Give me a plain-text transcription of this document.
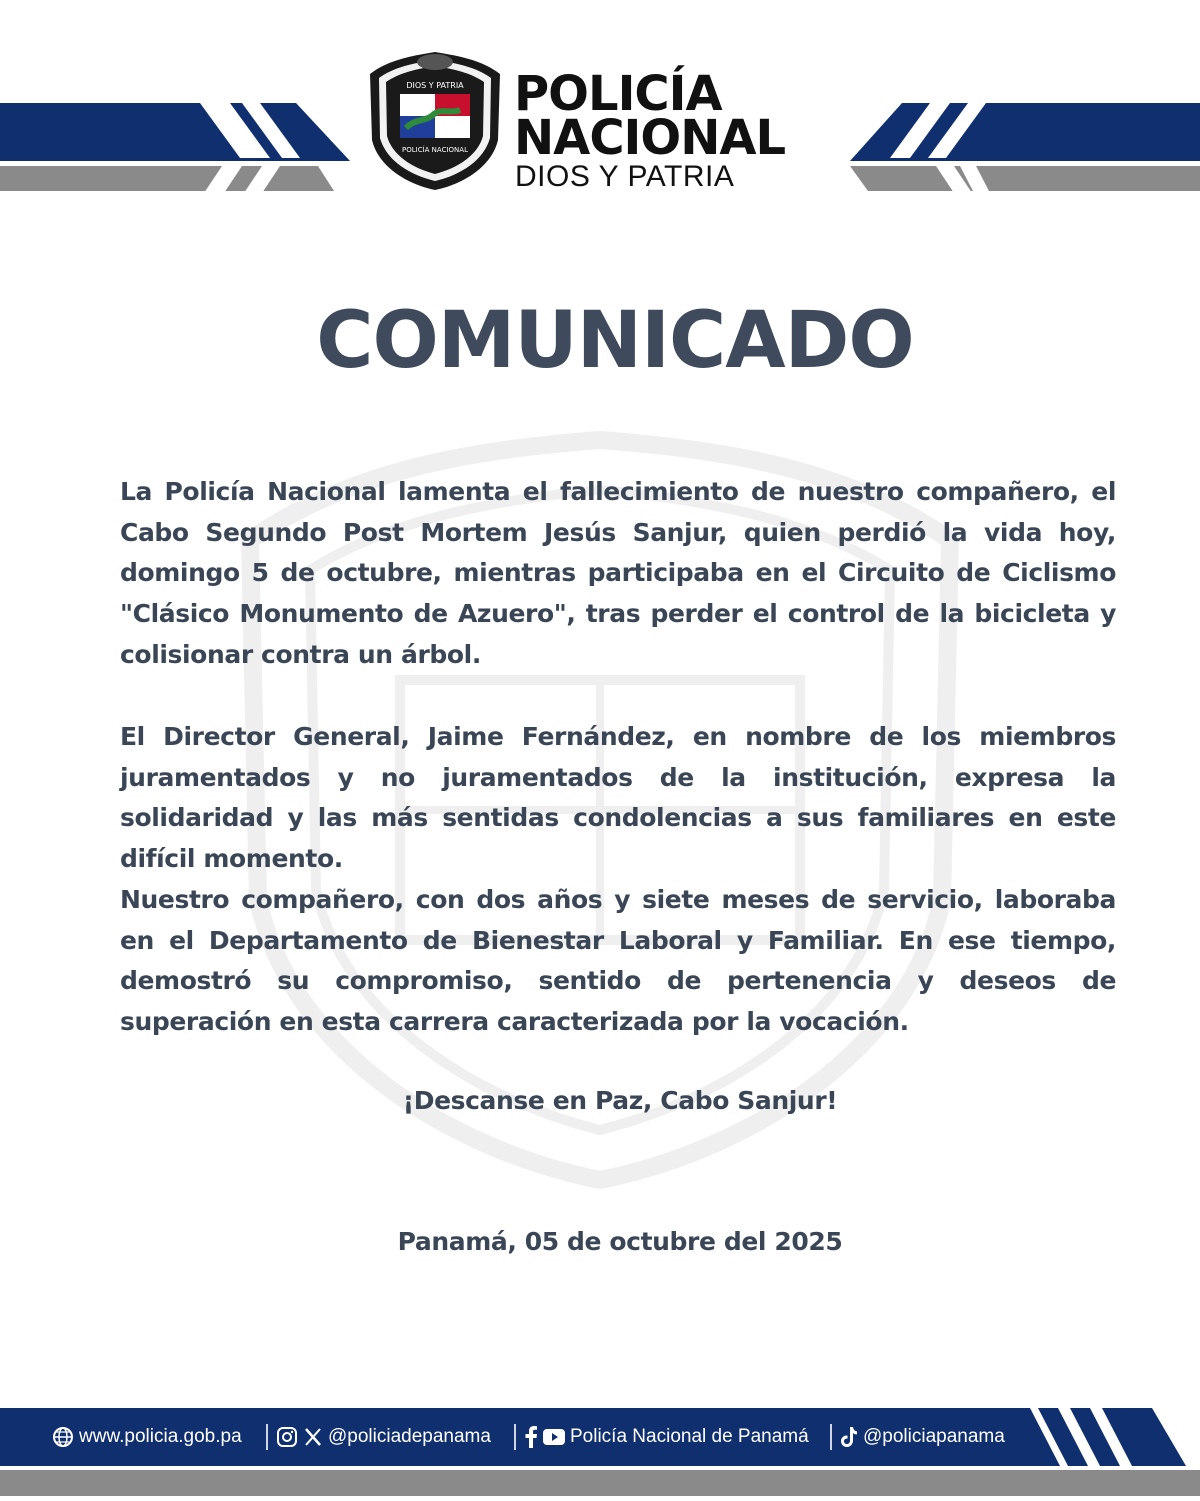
DIOS Y PATRIA
POLICÍA NACIONAL
POLICÍA
NACIONAL
DIOS Y PATRIA
COMUNICADO
La Policía Nacional lamenta el fallecimiento de nuestro compañero, el Cabo Segundo Post Mortem Jesús Sanjur, quien perdió la vida hoy, domingo 5 de octubre, mientras participaba en el Circuito de Ciclismo "Clásico Monumento de Azuero", tras perder el control de la bicicleta y colisionar contra un árbol.
El Director General, Jaime Fernández, en nombre de los miembros juramentados y no juramentados de la institución, expresa la solidaridad y las más sentidas condolencias a sus familiares en este difícil momento.
Nuestro compañero, con dos años y siete meses de servicio, laboraba en el Departamento de Bienestar Laboral y Familiar. En ese tiempo, demostró su compromiso, sentido de pertenencia y deseos de superación en esta carrera caracterizada por la vocación.
¡Descanse en Paz, Cabo Sanjur!
Panamá, 05 de octubre del 2025
www.policia.gob.pa	@policiadepanama	Policía Nacional de Panamá	@policiapanama
